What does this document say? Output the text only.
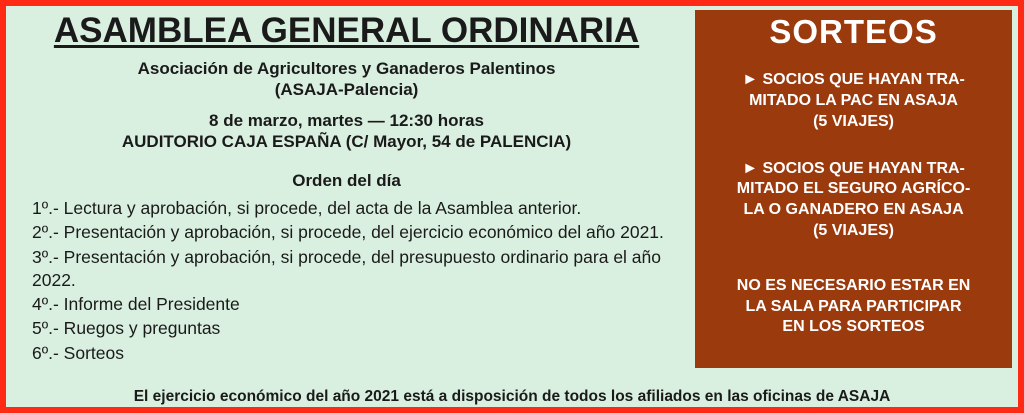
ASAMBLEA GENERAL ORDINARIA
Asociación de Agricultores y Ganaderos Palentinos
(ASAJA-Palencia)
8 de marzo, martes — 12:30 horas
AUDITORIO CAJA ESPAÑA (C/ Mayor, 54 de PALENCIA)
Orden del día
1º.- Lectura y aprobación, si procede, del acta de la Asamblea anterior.
2º.- Presentación y aprobación, si procede, del ejercicio económico del año 2021.
3º.- Presentación y aprobación, si procede, del presupuesto ordinario para el año 2022.
4º.- Informe del Presidente
5º.- Ruegos y preguntas
6º.- Sorteos
SORTEOS
► SOCIOS QUE HAYAN TRA-
MITADO LA PAC EN ASAJA
(5 VIAJES)
► SOCIOS QUE HAYAN TRA-
MITADO EL SEGURO AGRÍCO-
LA O GANADERO EN ASAJA
(5 VIAJES)
NO ES NECESARIO ESTAR EN
LA SALA PARA PARTICIPAR
EN LOS SORTEOS
El ejercicio económico del año 2021 está a disposición de todos los afiliados en las oficinas de ASAJA
